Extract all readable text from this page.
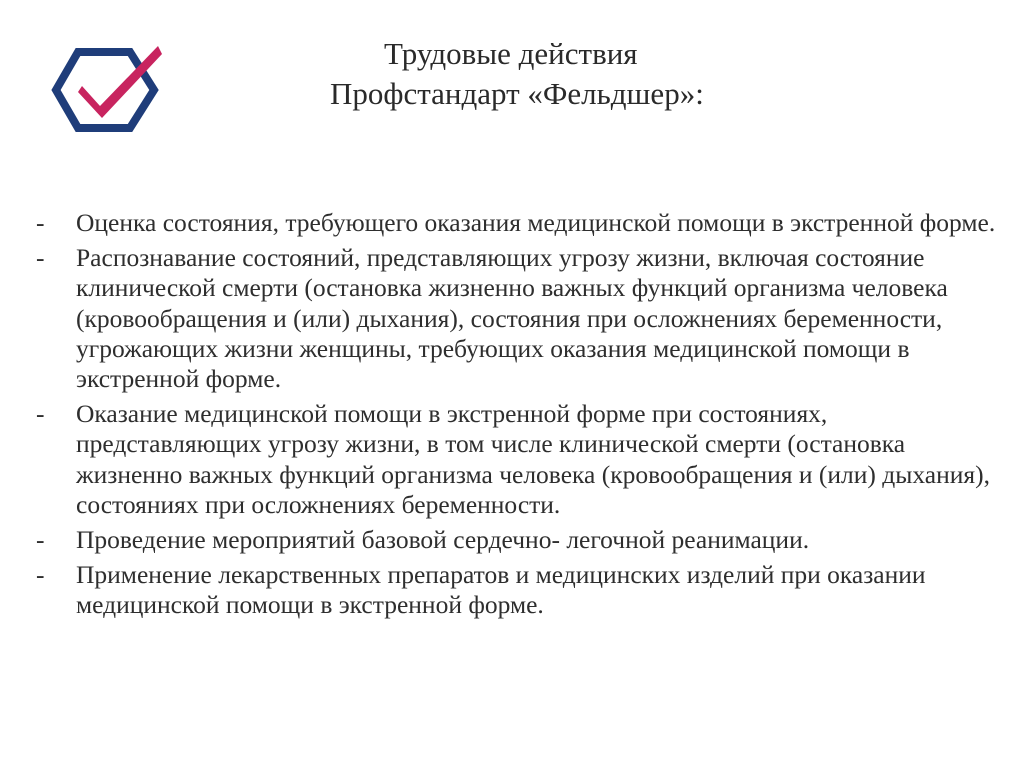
Трудовые действия
Профстандарт «Фельдшер»:
-	Оценка состояния, требующего оказания медицинской помощи в экстренной форме.
-	Распознавание состояний, представляющих угрозу жизни, включая состояние клинической смерти (остановка жизненно важных функций организма человека (кровообращения и (или) дыхания), состояния при осложнениях беременности, угрожающих жизни женщины, требующих оказания медицинской помощи в экстренной форме.
-	Оказание медицинской помощи в экстренной форме при состояниях, представляющих угрозу жизни, в том числе клинической смерти (остановка жизненно важных функций организма человека (кровообращения и (или) дыхания), состояниях при осложнениях беременности.
-	Проведение мероприятий базовой сердечно- легочной реанимации.
-	Применение лекарственных препаратов и медицинских изделий при оказании медицинской помощи в экстренной форме.
